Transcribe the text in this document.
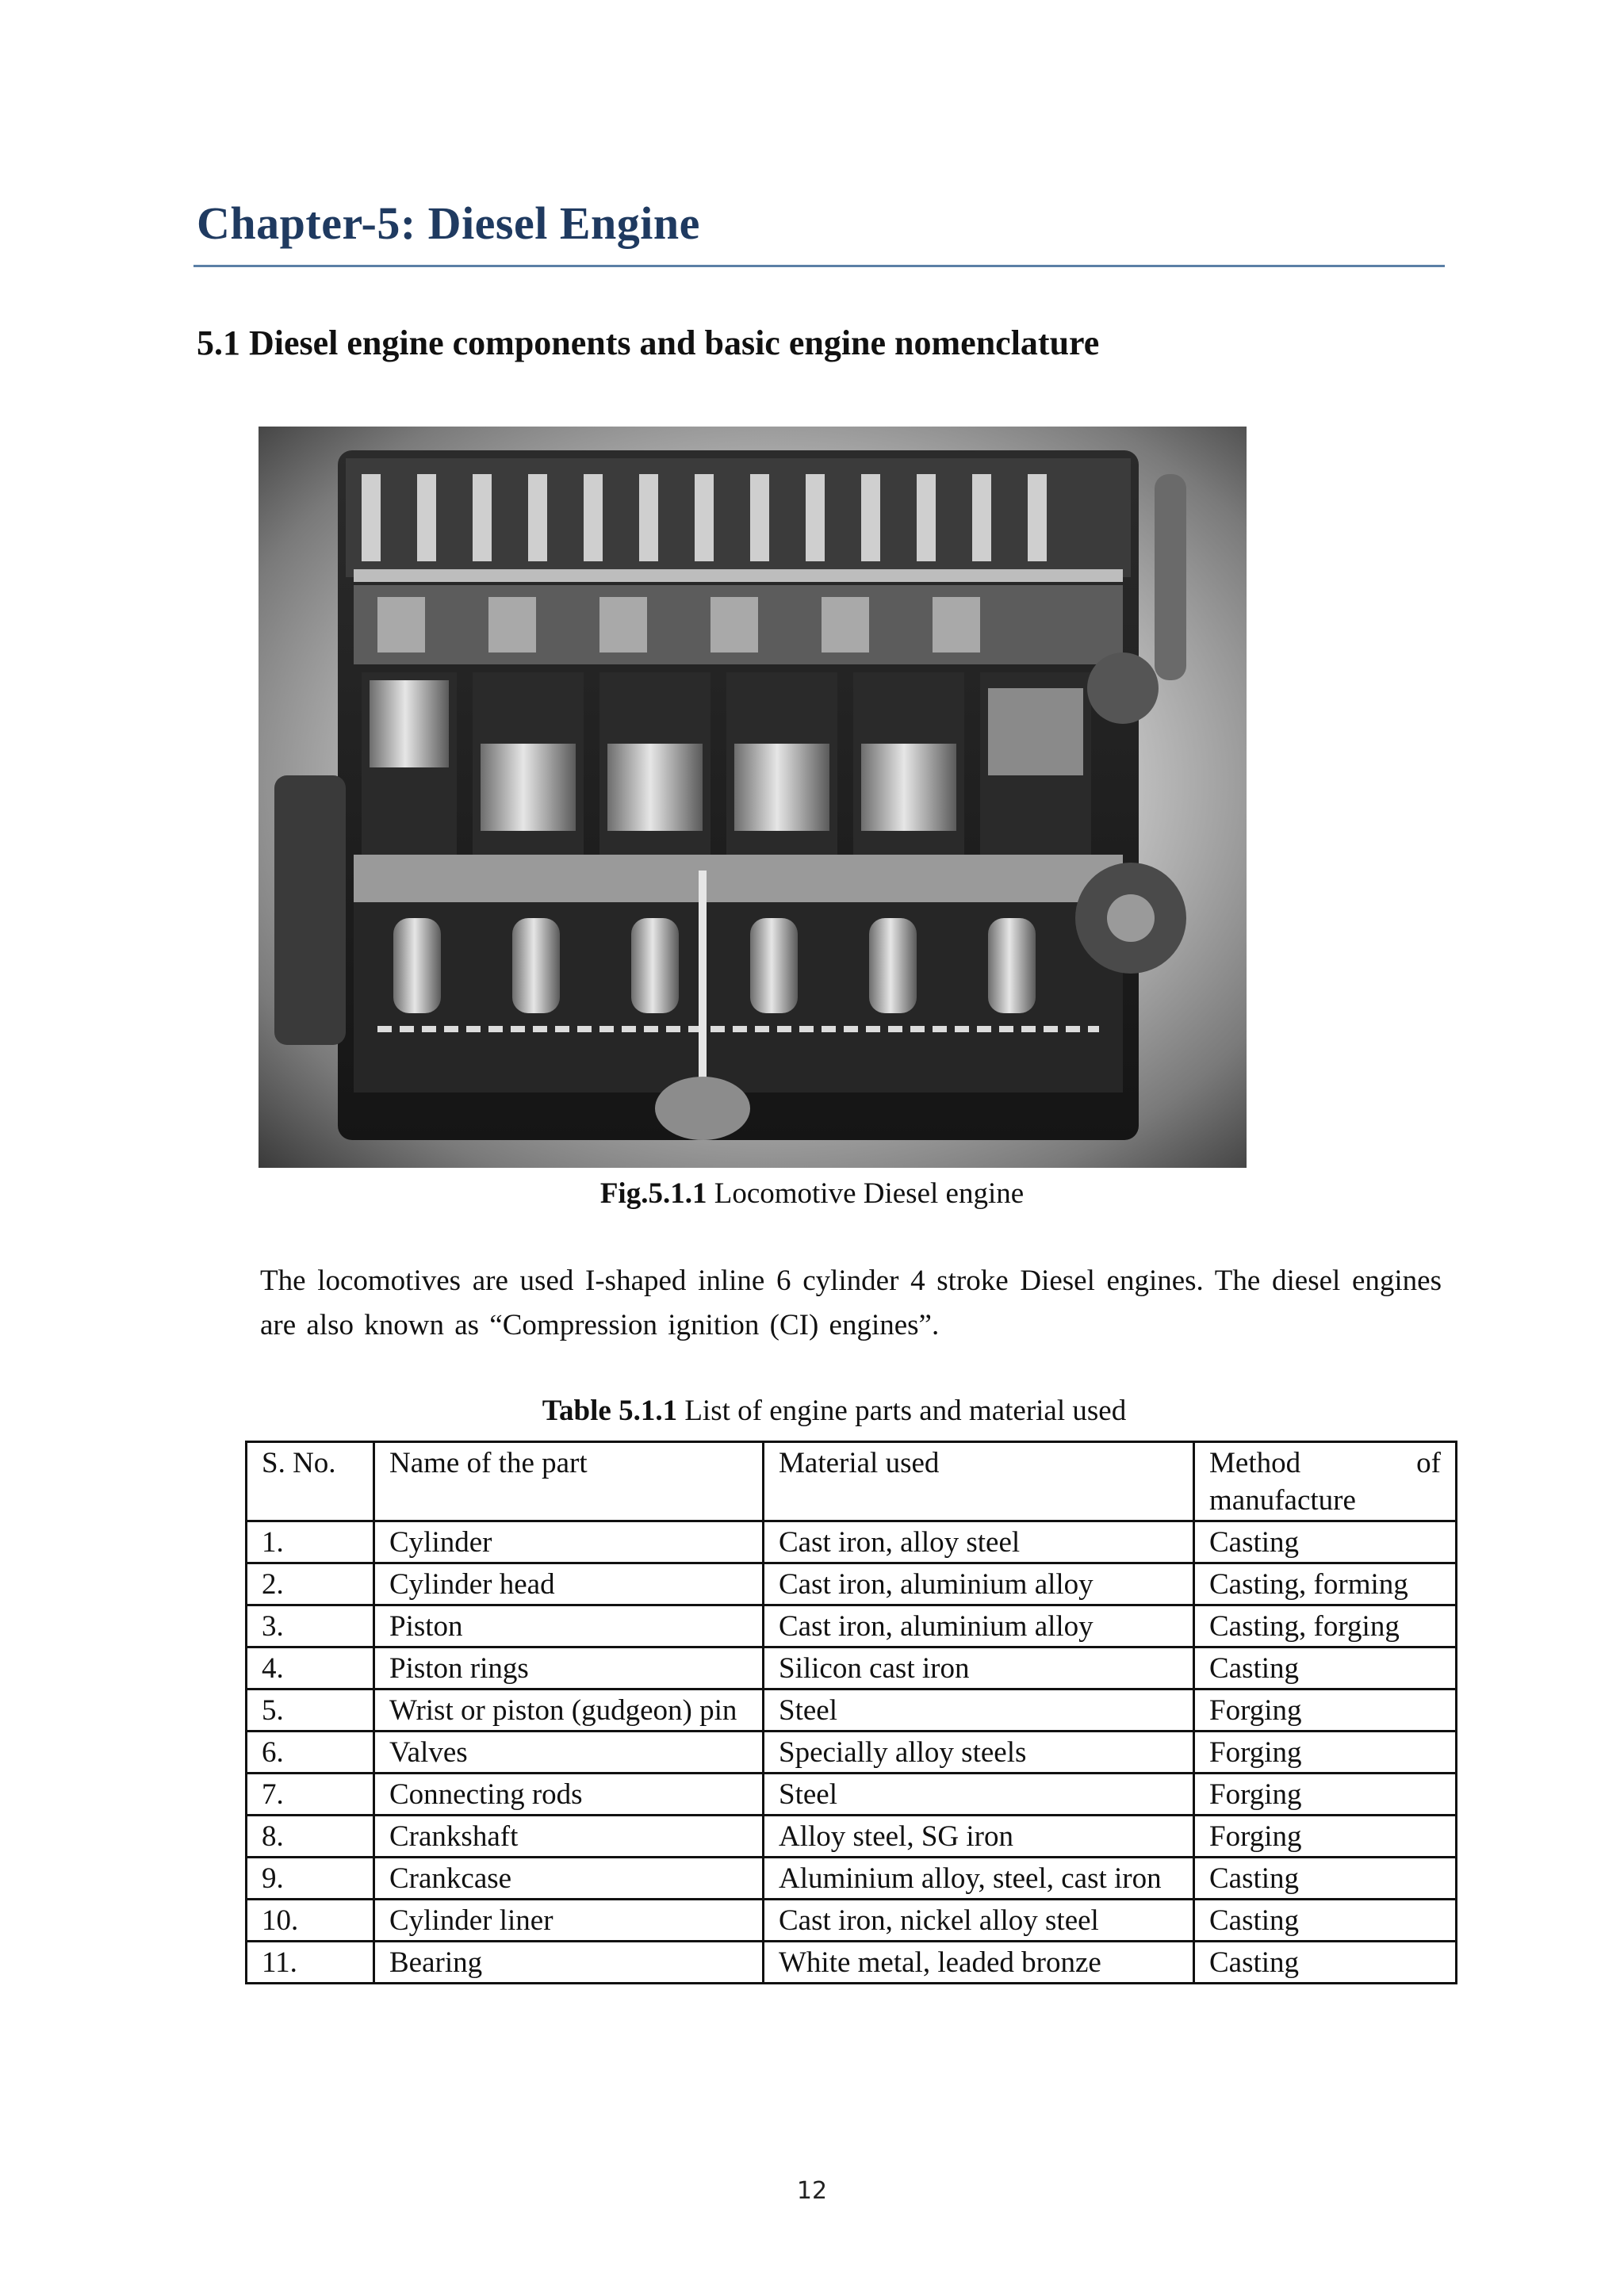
Chapter-5: Diesel Engine
5.1 Diesel engine components and basic engine nomenclature
Fig.5.1.1 Locomotive Diesel engine

The locomotives are used I-shaped inline 6 cylinder 4 stroke Diesel engines. The diesel engines are also known as “Compression ignition (CI) engines”.

Table 5.1.1 List of engine parts and material used
S. No.	Name of the part	Material used	Method of manufacture
1.	Cylinder	Cast iron, alloy steel	Casting
2.	Cylinder head	Cast iron, aluminium alloy	Casting, forming
3.	Piston	Cast iron, aluminium alloy	Casting, forging
4.	Piston rings	Silicon cast iron	Casting
5.	Wrist or piston (gudgeon) pin	Steel	Forging
6.	Valves	Specially alloy steels	Forging
7.	Connecting rods	Steel	Forging
8.	Crankshaft	Alloy steel, SG iron	Forging
9.	Crankcase	Aluminium alloy, steel, cast iron	Casting
10.	Cylinder liner	Cast iron, nickel alloy steel	Casting
11.	Bearing	White metal, leaded bronze	Casting
12
